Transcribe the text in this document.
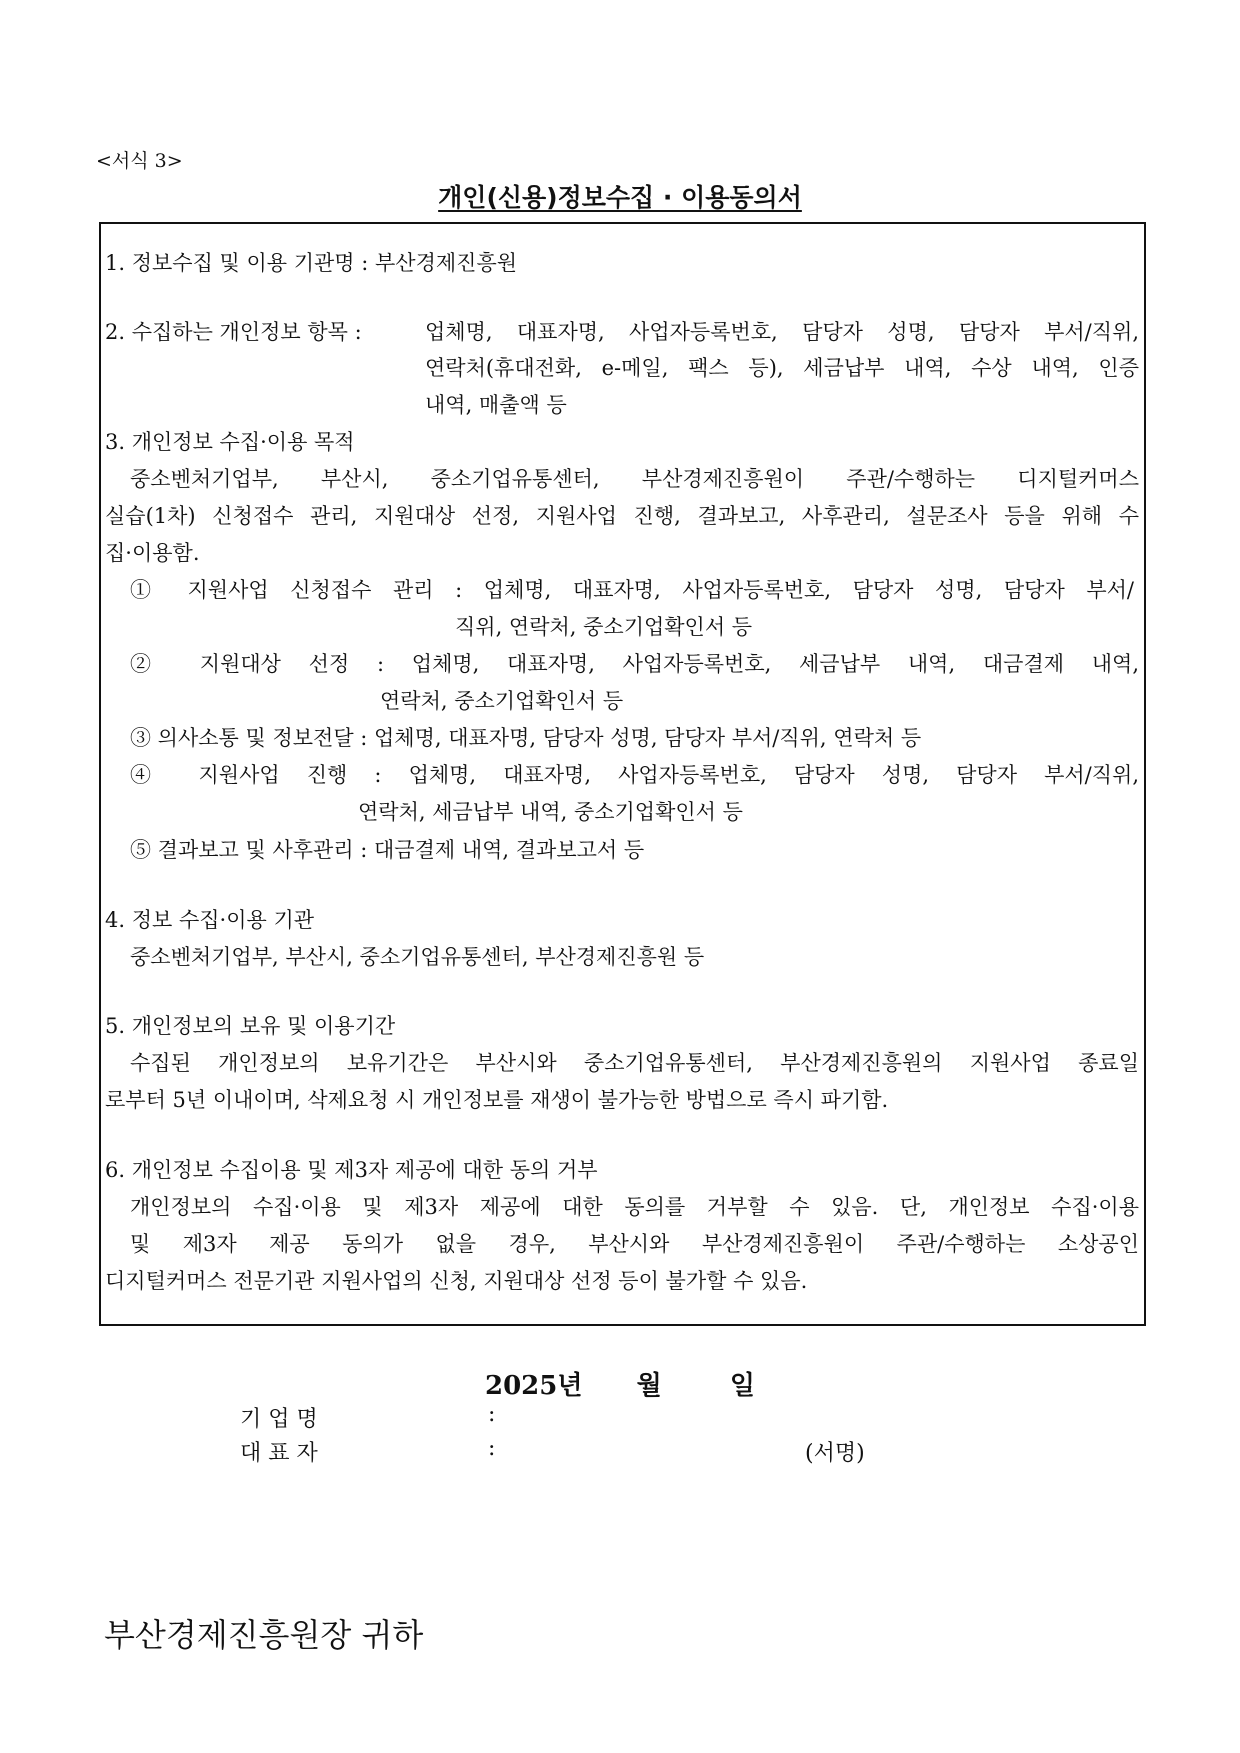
<서식 3>
개인(신용)정보수집 · 이용동의서
1. 정보수집 및 이용 기관명 : 부산경제진흥원
2. 수집하는 개인정보 항목 :	업체명, 대표자명, 사업자등록번호, 담당자 성명, 담당자 부서/직위,
연락처(휴대전화, e-메일, 팩스 등), 세금납부 내역, 수상 내역, 인증
내역, 매출액 등
3. 개인정보 수집·이용 목적
중소벤처기업부, 부산시, 중소기업유통센터, 부산경제진흥원이 주관/수행하는 디지털커머스
실습(1차) 신청접수 관리, 지원대상 선정, 지원사업 진행, 결과보고, 사후관리, 설문조사 등을 위해 수
집·이용함.
① 지원사업 신청접수 관리 : 업체명, 대표자명, 사업자등록번호, 담당자 성명, 담당자 부서/
직위, 연락처, 중소기업확인서 등
② 지원대상 선정 : 업체명, 대표자명, 사업자등록번호, 세금납부 내역, 대금결제 내역,
연락처, 중소기업확인서 등
③ 의사소통 및 정보전달 : 업체명, 대표자명, 담당자 성명, 담당자 부서/직위, 연락처 등
④ 지원사업 진행 : 업체명, 대표자명, 사업자등록번호, 담당자 성명, 담당자 부서/직위,
연락처, 세금납부 내역, 중소기업확인서 등
⑤ 결과보고 및 사후관리 : 대금결제 내역, 결과보고서 등
4. 정보 수집·이용 기관
중소벤처기업부, 부산시, 중소기업유통센터, 부산경제진흥원 등
5. 개인정보의 보유 및 이용기간
수집된 개인정보의 보유기간은 부산시와 중소기업유통센터, 부산경제진흥원의 지원사업 종료일
로부터 5년 이내이며, 삭제요청 시 개인정보를 재생이 불가능한 방법으로 즉시 파기함.
6. 개인정보 수집이용 및 제3자 제공에 대한 동의 거부
개인정보의 수집·이용 및 제3자 제공에 대한 동의를 거부할 수 있음. 단, 개인정보 수집·이용
및 제3자 제공 동의가 없을 경우, 부산시와 부산경제진흥원이 주관/수행하는 소상공인
디지털커머스 전문기관 지원사업의 신청, 지원대상 선정 등이 불가할 수 있음.
2025년 월	일
기 업 명	:
대 표 자	:	(서명)
부산경제진흥원장 귀하
